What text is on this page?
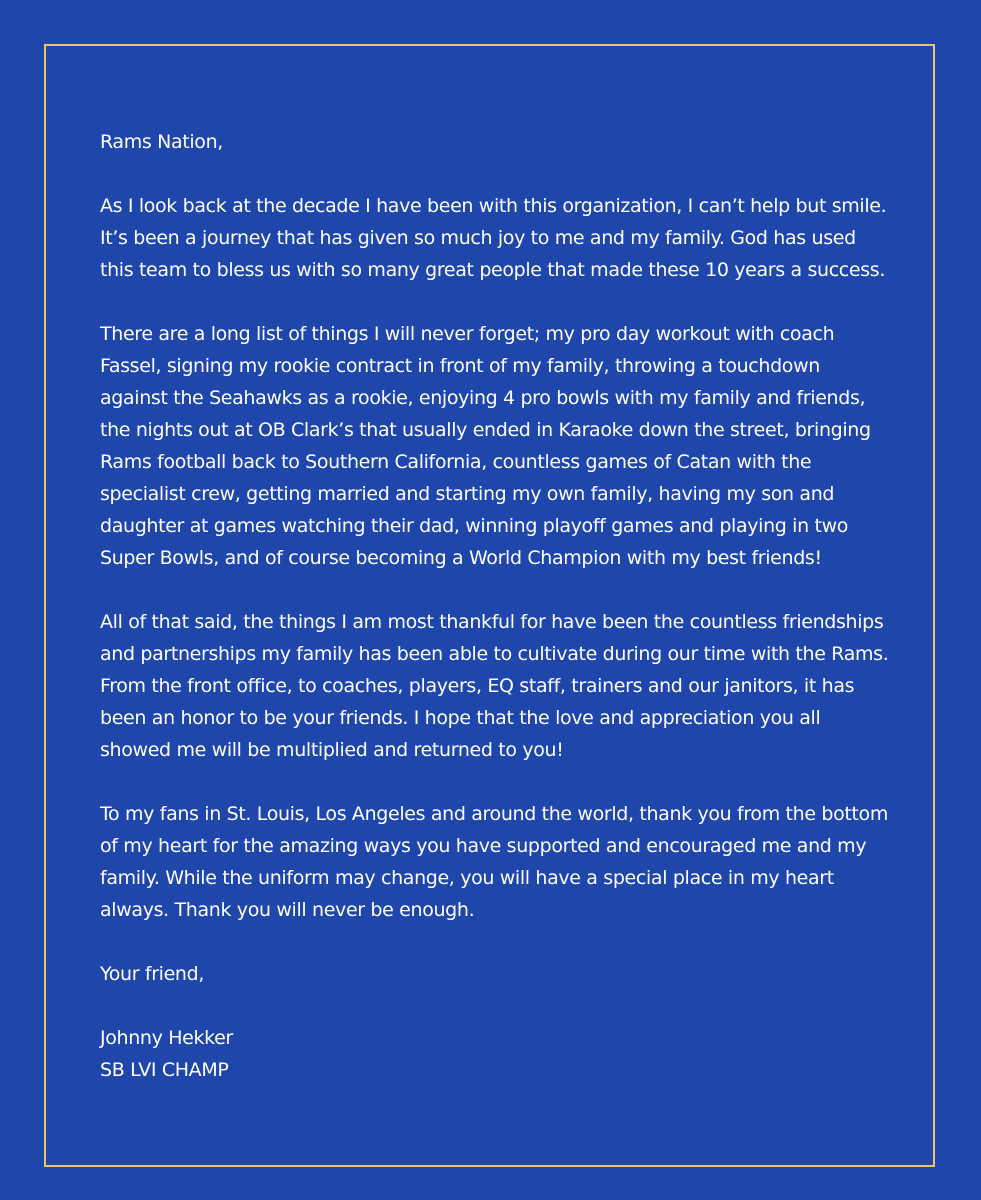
Rams Nation,

As I look back at the decade I have been with this organization, I can’t help but smile. It’s been a journey that has given so much joy to me and my family. God has used this team to bless us with so many great people that made these 10 years a success.

There are a long list of things I will never forget; my pro day workout with coach Fassel, signing my rookie contract in front of my family, throwing a touchdown against the Seahawks as a rookie, enjoying 4 pro bowls with my family and friends, the nights out at OB Clark’s that usually ended in Karaoke down the street, bringing Rams football back to Southern California, countless games of Catan with the specialist crew, getting married and starting my own family, having my son and daughter at games watching their dad, winning playoff games and playing in two Super Bowls, and of course becoming a World Champion with my best friends!

All of that said, the things I am most thankful for have been the countless friendships and partnerships my family has been able to cultivate during our time with the Rams. From the front office, to coaches, players, EQ staff, trainers and our janitors, it has been an honor to be your friends. I hope that the love and appreciation you all showed me will be multiplied and returned to you!

To my fans in St. Louis, Los Angeles and around the world, thank you from the bottom of my heart for the amazing ways you have supported and encouraged me and my family. While the uniform may change, you will have a special place in my heart always. Thank you will never be enough.

Your friend,

Johnny Hekker

SB LVI CHAMP
